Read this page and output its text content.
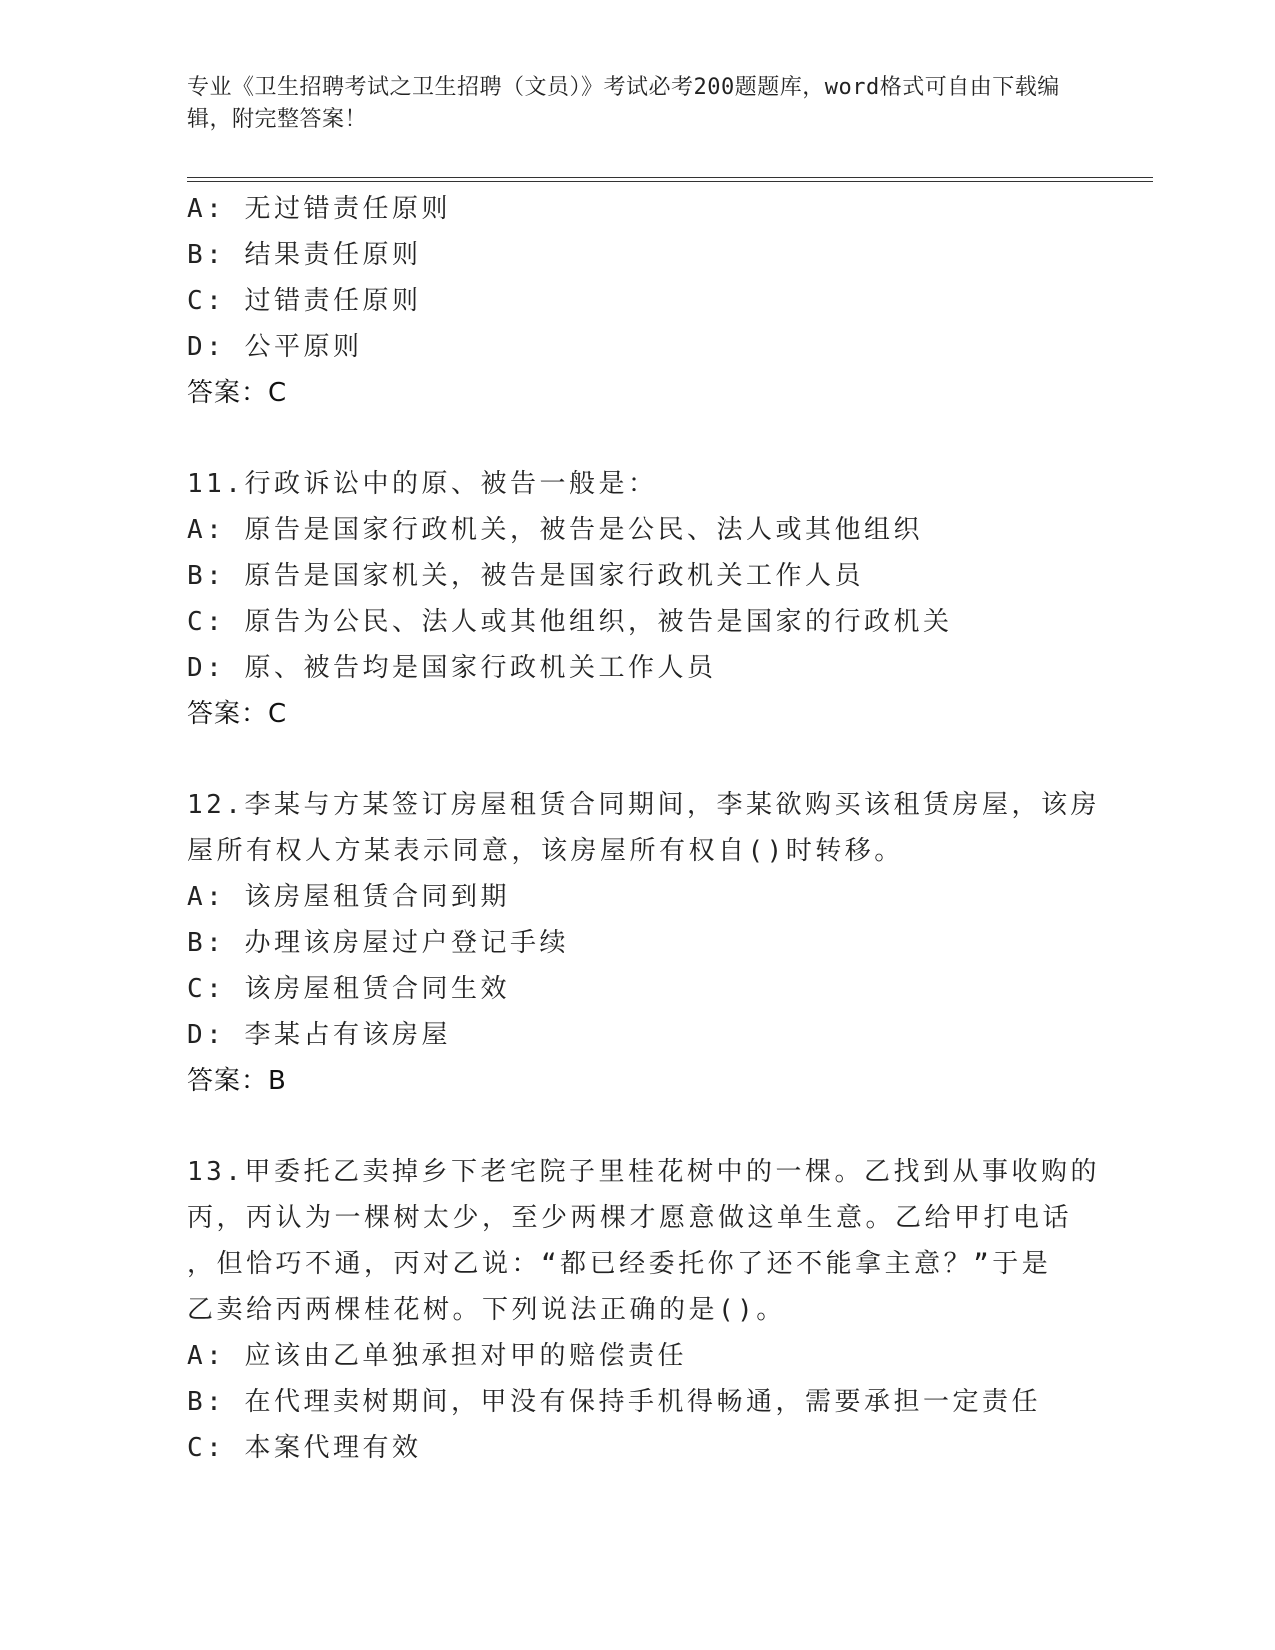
专业《卫生招聘考试之卫生招聘（文员）》考试必考200题题库，word格式可自由下载编辑，附完整答案！
A: 无过错责任原则
B: 结果责任原则
C: 过错责任原则
D: 公平原则
答案：C
11.行政诉讼中的原、被告一般是：
A: 原告是国家行政机关，被告是公民、法人或其他组织
B: 原告是国家机关，被告是国家行政机关工作人员
C: 原告为公民、法人或其他组织，被告是国家的行政机关
D: 原、被告均是国家行政机关工作人员
答案：C
12.李某与方某签订房屋租赁合同期间，李某欲购买该租赁房屋，该房
屋所有权人方某表示同意，该房屋所有权自()时转移。
A: 该房屋租赁合同到期
B: 办理该房屋过户登记手续
C: 该房屋租赁合同生效
D: 李某占有该房屋
答案：B
13.甲委托乙卖掉乡下老宅院子里桂花树中的一棵。乙找到从事收购的
丙，丙认为一棵树太少，至少两棵才愿意做这单生意。乙给甲打电话
，但恰巧不通，丙对乙说：“都已经委托你了还不能拿主意？”于是
乙卖给丙两棵桂花树。下列说法正确的是()。
A: 应该由乙单独承担对甲的赔偿责任
B: 在代理卖树期间，甲没有保持手机得畅通，需要承担一定责任
C: 本案代理有效
